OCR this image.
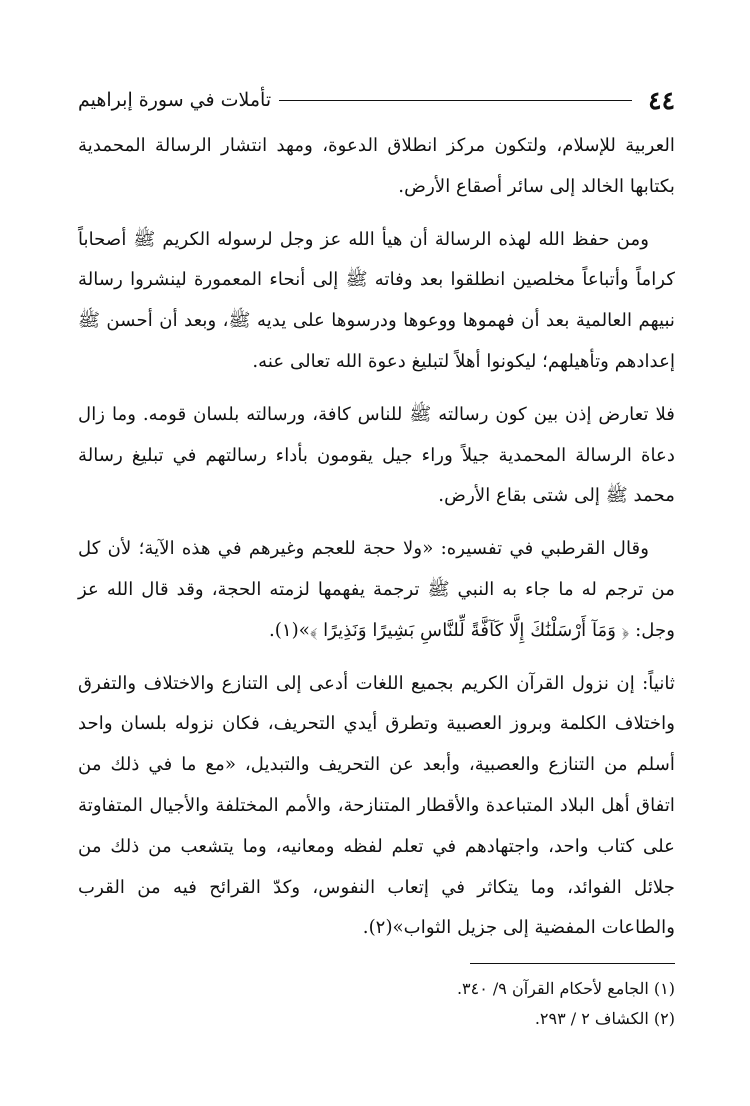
٤٤
تأملات في سورة إبراهيم

العربية للإسلام، ولتكون مركز انطلاق الدعوة، ومهد انتشار الرسالة المحمدية بكتابها الخالد إلى سائر أصقاع الأرض.

ومن حفظ الله لهذه الرسالة أن هيأ الله عز وجل لرسوله الكريم ﷺ أصحاباً كراماً وأتباعاً مخلصين انطلقوا بعد وفاته ﷺ إلى أنحاء المعمورة لينشروا رسالة نبيهم العالمية بعد أن فهموها ووعوها ودرسوها على يديه ﷺ، وبعد أن أحسن ﷺ إعدادهم وتأهيلهم؛ ليكونوا أهلاً لتبليغ دعوة الله تعالى عنه.

فلا تعارض إذن بين كون رسالته ﷺ للناس كافة، ورسالته بلسان قومه. وما زال دعاة الرسالة المحمدية جيلاً وراء جيل يقومون بأداء رسالتهم في تبليغ رسالة محمد ﷺ إلى شتى بقاع الأرض.

وقال القرطبي في تفسيره: «ولا حجة للعجم وغيرهم في هذه الآية؛ لأن كل من ترجم له ما جاء به النبي ﷺ ترجمة يفهمها لزمته الحجة، وقد قال الله عز وجل: ﴿ وَمَآ أَرْسَلْنَٰكَ إِلَّا كَآفَّةً لِّلنَّاسِ بَشِيرًا وَنَذِيرًا ﴾»(١).

ثانياً: إن نزول القرآن الكريم بجميع اللغات أدعى إلى التنازع والاختلاف والتفرق واختلاف الكلمة وبروز العصبية وتطرق أيدي التحريف، فكان نزوله بلسان واحد أسلم من التنازع والعصبية، وأبعد عن التحريف والتبديل، «مع ما في ذلك من اتفاق أهل البلاد المتباعدة والأقطار المتنازحة، والأمم المختلفة والأجيال المتفاوتة على كتاب واحد، واجتهادهم في تعلم لفظه ومعانيه، وما يتشعب من ذلك من جلائل الفوائد، وما يتكاثر في إتعاب النفوس، وكدّ القرائح فيه من القرب والطاعات المفضية إلى جزيل الثواب»(٢).

(١) الجامع لأحكام القرآن ٩/ ٣٤٠.

(٢) الكشاف ٢ / ٢٩٣.
